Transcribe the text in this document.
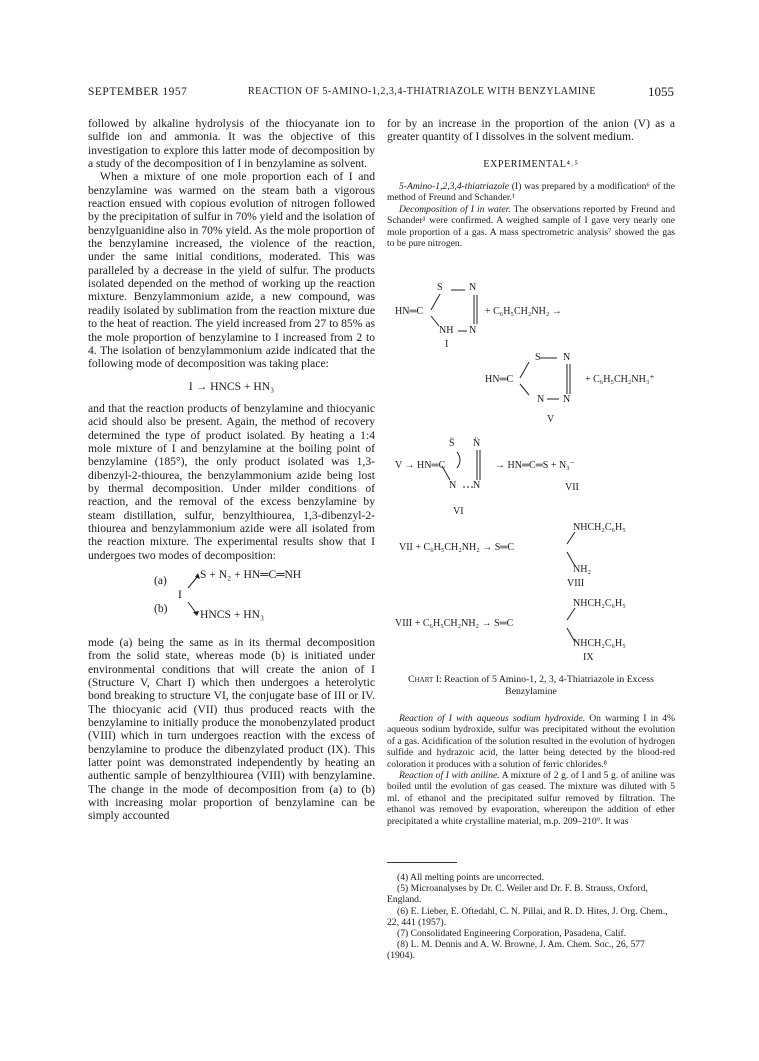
SEPTEMBER 1957	REACTION OF 5-AMINO-1,2,3,4-THIATRIAZOLE WITH BENZYLAMINE	1055

followed by alkaline hydrolysis of the thiocyanate ion to sulfide ion and ammonia. It was the objective of this investigation to explore this latter mode of decomposition by a study of the decomposition of I in benzylamine as solvent.

When a mixture of one mole proportion each of I and benzylamine was warmed on the steam bath a vigorous reaction ensued with copious evolution of nitrogen followed by the precipitation of sulfur in 70% yield and the isolation of benzylguanidine also in 70% yield. As the mole proportion of the benzylamine increased, the violence of the reaction, under the same initial conditions, moderated. This was paralleled by a decrease in the yield of sulfur. The products isolated depended on the method of working up the reaction mixture. Benzylammonium azide, a new compound, was readily isolated by sublimation from the reaction mixture due to the heat of reaction. The yield increased from 27 to 85% as the mole proportion of benzylamine to I increased from 2 to 4. The isolation of benzylammonium azide indicated that the following mode of decomposition was taking place:

I → HNCS + HN₃

and that the reaction products of benzylamine and thiocyanic acid should also be present. Again, the method of recovery determined the type of product isolated. By heating a 1:4 mole mixture of I and benzylamine at the boiling point of benzylamine (185°), the only product isolated was 1,3-dibenzyl-2-thiourea, the benzylammonium azide being lost by thermal decomposition. Under milder conditions of reaction, and the removal of the excess benzylamine by steam distillation, sulfur, benzylthiourea, 1,3-dibenzyl-2-thiourea and benzylammonium azide were all isolated from the reaction mixture. The experimental results show that I undergoes two modes of decomposition:

(a)
I
(b)
S + N₂ + HN═C═NH
HNCS + HN₃

mode (a) being the same as in its thermal decomposition from the solid state, whereas mode (b) is initiated under environmental conditions that will create the anion of I (Structure V, Chart I) which then undergoes a heterolytic bond breaking to structure VI, the conjugate base of III or IV. The thiocyanic acid (VII) thus produced reacts with the benzylamine to initially produce the monobenzylated product (VIII) which in turn undergoes reaction with the excess of benzylamine to produce the dibenzylated product (IX). This latter point was demonstrated independently by heating an authentic sample of benzylthiourea (VIII) with benzylamine. The change in the mode of decomposition from (a) to (b) with increasing molar proportion of benzylamine can be simply accounted

for by an increase in the proportion of the anion (V) as a greater quantity of I dissolves in the solvent medium.

EXPERIMENTAL⁴˒⁵

5-Amino-1,2,3,4-thiatriazole (I) was prepared by a modification⁶ of the method of Freund and Schander.¹

Decomposition of I in water. The observations reported by Freund and Schander¹ were confirmed. A weighed sample of I gave very nearly one mole proportion of a gas. A mass spectrometric analysis⁷ showed the gas to be pure nitrogen.

S	N
HN═C
NH N
+ C₆H₅CH₂NH₂ →
I
S N
HN═C
N N
+ C₆H₅CH₂NH₃⁺
V
S̈ N̈
V → HN═C
N N
→ HN═C═S + N₃⁻
VII
VI
NHCH₂C₆H₅
VII + C₆H₅CH₂NH₂ → S═C
NH₂
VIII
NHCH₂C₆H₅
VIII + C₆H₅CH₂NH₂ → S═C
NHCH₂C₆H₅
IX
Chart I: Reaction of 5 Amino-1, 2, 3, 4-Thiatriazole in Excess Benzylamine

Reaction of I with aqueous sodium hydroxide. On warming I in 4% aqueous sodium hydroxide, sulfur was precipitated without the evolution of a gas. Acidification of the solution resulted in the evolution of hydrogen sulfide and hydrazoic acid, the latter being detected by the blood-red coloration it produces with a solution of ferric chlorides.⁸

Reaction of I with aniline. A mixture of 2 g. of I and 5 g. of aniline was boiled until the evolution of gas ceased. The mixture was diluted with 5 ml. of ethanol and the precipitated sulfur removed by filtration. The ethanol was removed by evaporation, whereupon the addition of ether precipitated a white crystalline material, m.p. 209–210°. It was

(4) All melting points are uncorrected.

(5) Microanalyses by Dr. C. Weiler and Dr. F. B. Strauss, Oxford, England.

(6) E. Lieber, E. Oftedahl, C. N. Pillai, and R. D. Hites, J. Org. Chem., 22, 441 (1957).

(7) Consolidated Engineering Corporation, Pasadena, Calif.

(8) L. M. Dennis and A. W. Browne, J. Am. Chem. Soc., 26, 577 (1904).
